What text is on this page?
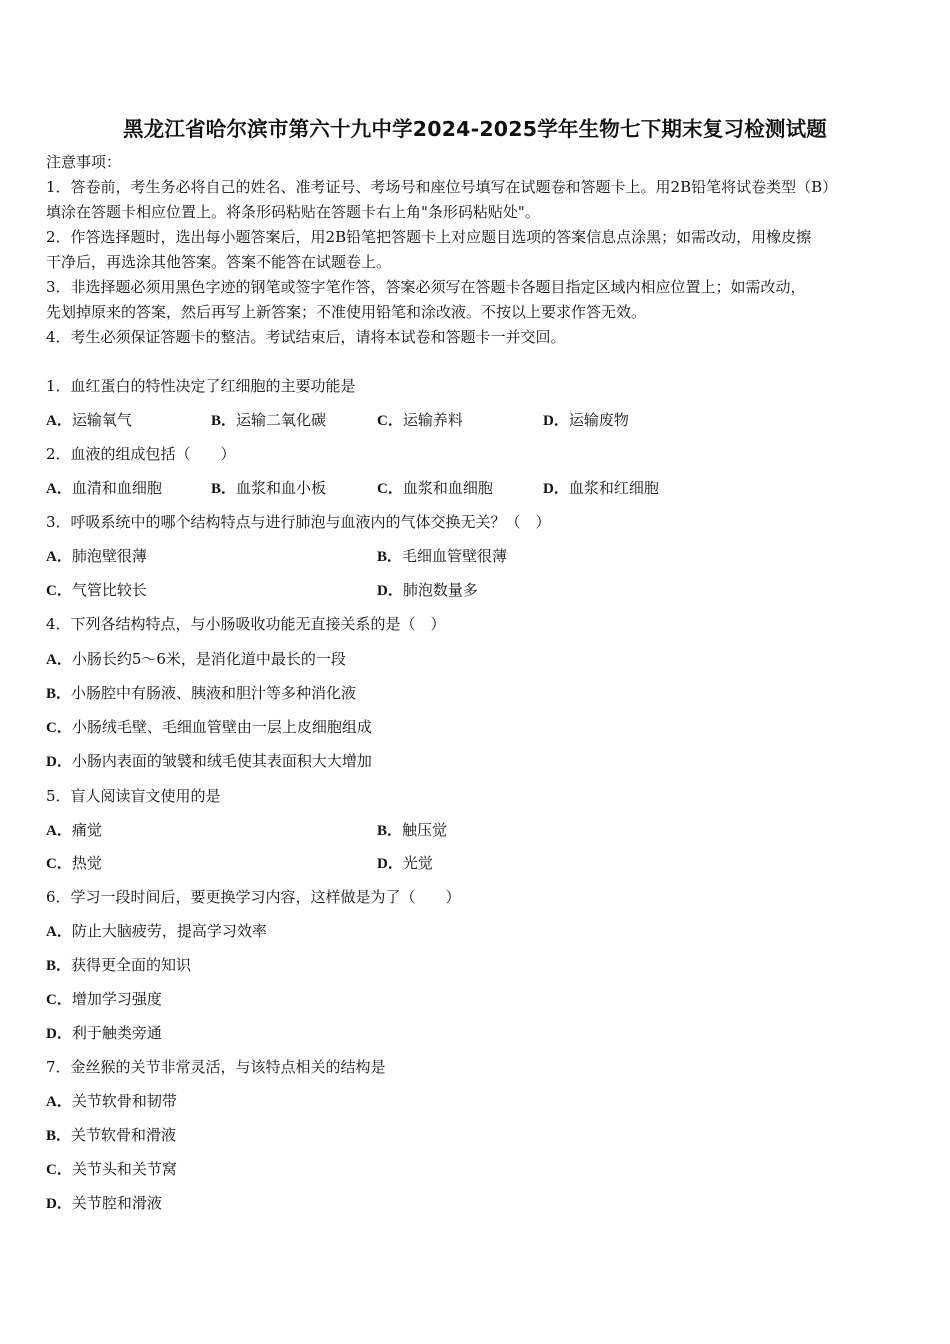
黑龙江省哈尔滨市第六十九中学2024-2025学年生物七下期末复习检测试题
注意事项：
1．答卷前，考生务必将自己的姓名、准考证号、考场号和座位号填写在试题卷和答题卡上。用2B铅笔将试卷类型（B）
填涂在答题卡相应位置上。将条形码粘贴在答题卡右上角"条形码粘贴处"。
2．作答选择题时，选出每小题答案后，用2B铅笔把答题卡上对应题目选项的答案信息点涂黑；如需改动，用橡皮擦
干净后，再选涂其他答案。答案不能答在试题卷上。
3．非选择题必须用黑色字迹的钢笔或签字笔作答，答案必须写在答题卡各题目指定区域内相应位置上；如需改动，
先划掉原来的答案，然后再写上新答案；不准使用铅笔和涂改液。不按以上要求作答无效。
4．考生必须保证答题卡的整洁。考试结束后，请将本试卷和答题卡一并交回。
1．血红蛋白的特性决定了红细胞的主要功能是
A．运输氧气	B．运输二氧化碳	C．运输养料	D．运输废物
2．血液的组成包括（　　）
A．血清和血细胞	B．血浆和血小板	C．血浆和血细胞	D．血浆和红细胞
3．呼吸系统中的哪个结构特点与进行肺泡与血液内的气体交换无关？（　）
A．肺泡壁很薄	B．毛细血管壁很薄
C．气管比较长	D．肺泡数量多
4．下列各结构特点，与小肠吸收功能无直接关系的是（　）
A．小肠长约5～6米，是消化道中最长的一段
B．小肠腔中有肠液、胰液和胆汁等多种消化液
C．小肠绒毛壁、毛细血管壁由一层上皮细胞组成
D．小肠内表面的皱襞和绒毛使其表面积大大增加
5．盲人阅读盲文使用的是
A．痛觉	B．触压觉
C．热觉	D．光觉
6．学习一段时间后，要更换学习内容，这样做是为了（　　）
A．防止大脑疲劳，提高学习效率
B．获得更全面的知识
C．增加学习强度
D．利于触类旁通
7．金丝猴的关节非常灵活，与该特点相关的结构是
A．关节软骨和韧带
B．关节软骨和滑液
C．关节头和关节窝
D．关节腔和滑液
